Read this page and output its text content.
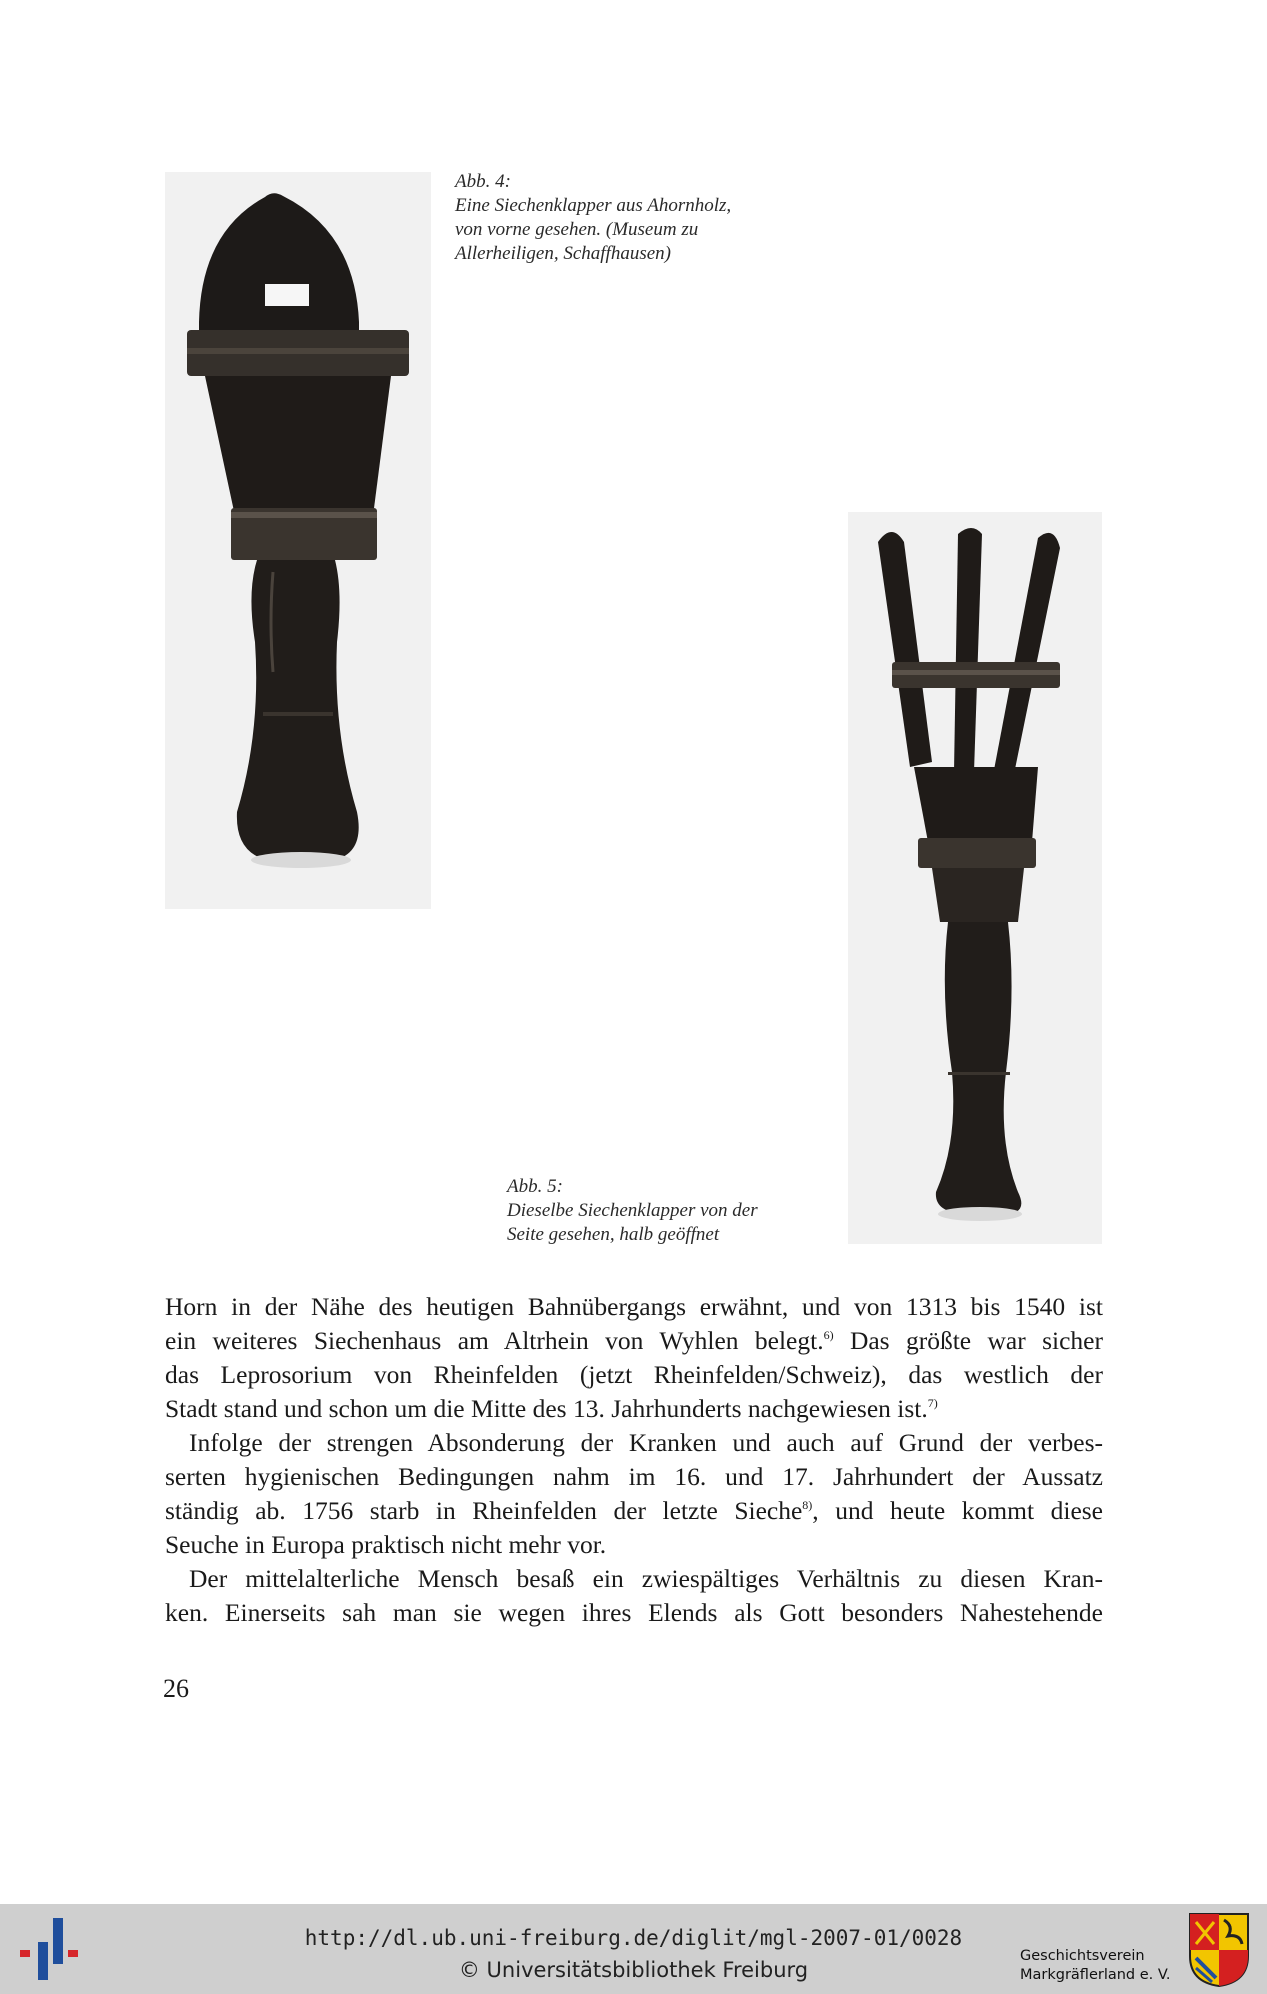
Abb. 4:
Eine Siechenklapper aus Ahornholz,
von vorne gesehen. (Museum zu
Allerheiligen, Schaffhausen)
Abb. 5:
Dieselbe Siechenklapper von der
Seite gesehen, halb geöffnet
Horn in der Nähe des heutigen Bahnübergangs erwähnt, und von 1313 bis 1540 ist
ein weiteres Siechenhaus am Altrhein von Wyhlen belegt.$^{6)}$ Das größte war sicher
das Leprosorium von Rheinfelden (jetzt Rheinfelden/Schweiz), das westlich der
Stadt stand und schon um die Mitte des 13. Jahrhunderts nachgewiesen ist.$^{7)}$
Infolge der strengen Absonderung der Kranken und auch auf Grund der verbes-
serten hygienischen Bedingungen nahm im 16. und 17. Jahrhundert der Aussatz
ständig ab. 1756 starb in Rheinfelden der letzte Sieche$^{8)}$, und heute kommt diese
Seuche in Europa praktisch nicht mehr vor.
Der mittelalterliche Mensch besaß ein zwiespältiges Verhältnis zu diesen Kran-
ken. Einerseits sah man sie wegen ihres Elends als Gott besonders Nahestehende
26
http://dl.ub.uni-freiburg.de/diglit/mgl-2007-01/0028
© Universitätsbibliothek Freiburg
Geschichtsverein
Markgräflerland e. V.
